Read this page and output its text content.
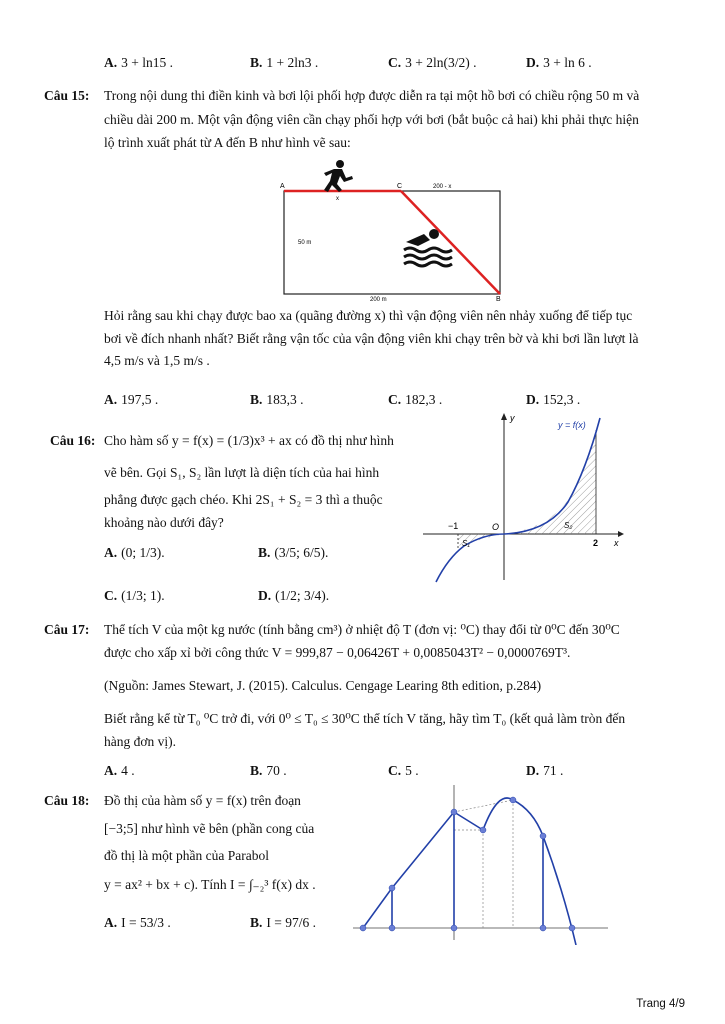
A. 3 + ln15 .	B. 1 + 2ln3 .	C. 3 + 2ln(3/2) .	D. 3 + ln 6 .
Câu 15: Trong nội dung thi điền kinh và bơi lội phối hợp được diễn ra tại một hồ bơi có chiều rộng 50 m và
chiều dài 200 m. Một vận động viên cần chạy phối hợp với bơi (bắt buộc cả hai) khi phải thực hiện
lộ trình xuất phát từ A đến B như hình vẽ sau:
A	C
B
x
200 - x
50 m
200 m
Hỏi rằng sau khi chạy được bao xa (quãng đường x) thì vận động viên nên nhảy xuống để tiếp tục
bơi về đích nhanh nhất? Biết rằng vận tốc của vận động viên khi chạy trên bờ và khi bơi lần lượt là
4,5 m/s và 1,5 m/s .
A. 197,5 .	B. 183,3 .	C. 182,3 .	D. 152,3 .
Câu 16: Cho hàm số y = f(x) = (1/3)x³ + ax có đồ thị như hình
vẽ bên. Gọi S₁, S₂ lần lượt là diện tích của hai hình
phẳng được gạch chéo. Khi 2S₁ + S₂ = 3 thì a thuộc
khoảng nào dưới đây?
A. (0; 1/3).	B. (3/5; 6/5).
C. (1/3; 1).	D. (1/2; 3/4).
y
x
y = f(x)
O
−1
2
S₁
S₂
Câu 17: Thể tích V của một kg nước (tính bằng cm³) ở nhiệt độ T (đơn vị: ⁰C) thay đổi từ 0⁰C đến 30⁰C
được cho xấp xỉ bởi công thức V = 999,87 − 0,06426T + 0,0085043T² − 0,0000769T³.
(Nguồn: James Stewart, J. (2015). Calculus. Cengage Learing 8th edition, p.284)
Biết rằng kể từ T₀ ⁰C trở đi, với 0⁰ ≤ T₀ ≤ 30⁰C thể tích V tăng, hãy tìm T₀ (kết quả làm tròn đến
hàng đơn vị).
A. 4 .	B. 70 .	C. 5 .	D. 71 .
Câu 18: Đồ thị của hàm số y = f(x) trên đoạn
[−3;5] như hình vẽ bên (phần cong của
đồ thị là một phần của Parabol
y = ax² + bx + c). Tính I = ∫₋₂³ f(x) dx .
A. I = 53/3 .	B. I = 97/6 .
Trang 4/9
